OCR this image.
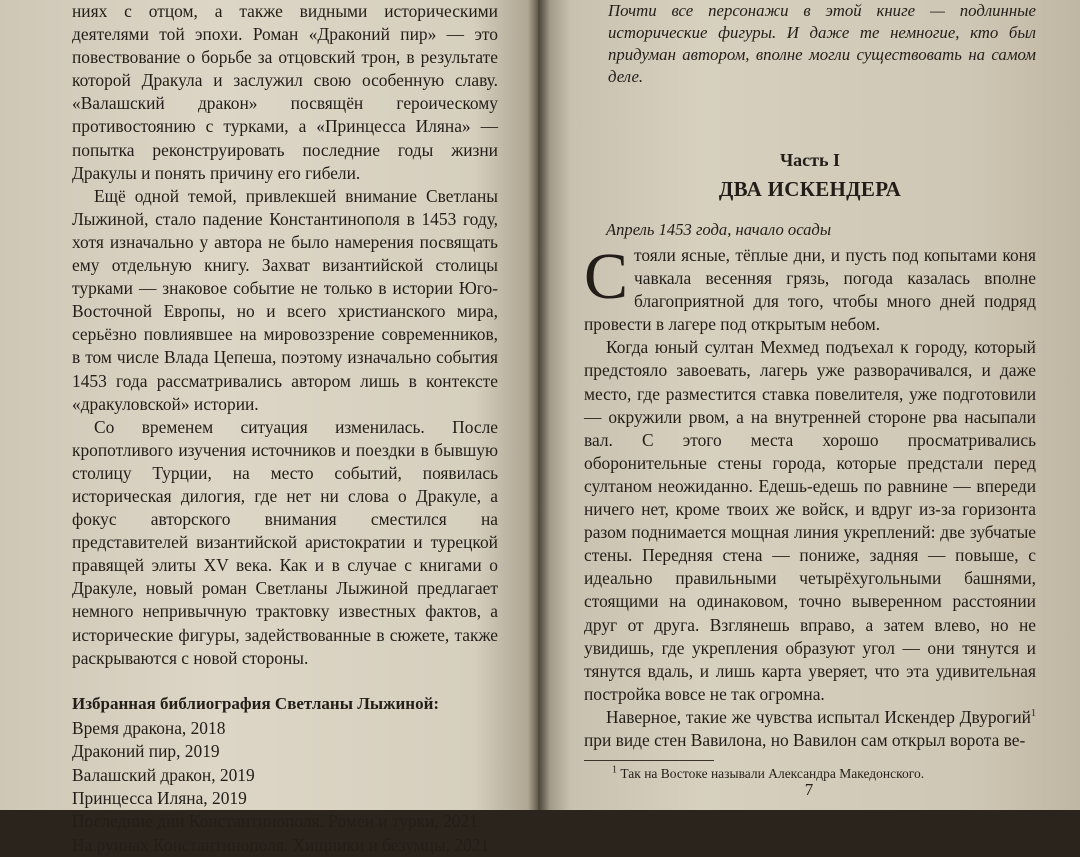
ниях с отцом, а также видными историческими деятелями той эпохи. Роман «Драконий пир» — это повествование о борьбе за отцовский трон, в результате которой Дракула и заслужил свою особенную славу. «Валашский дракон» посвящён героическому противостоянию с турками, а «Принцесса Иляна» — попытка реконструировать последние годы жизни Дракулы и понять причину его гибели.

Ещё одной темой, привлекшей внимание Светланы Лыжиной, стало падение Константинополя в 1453 году, хотя изначально у автора не было намерения посвящать ему отдельную книгу. Захват византийской столицы турками — знаковое событие не только в истории Юго-Восточной Европы, но и всего христианского мира, серьёзно повлиявшее на мировоззрение современников, в том числе Влада Цепеша, поэтому изначально события 1453 года рассматривались автором лишь в контексте «дракуловской» истории.

Со временем ситуация изменилась. После кропотливого изучения источников и поездки в бывшую столицу Турции, на место событий, появилась историческая дилогия, где нет ни слова о Дракуле, а фокус авторского внимания сместился на представителей византийской аристократии и турецкой правящей элиты XV века. Как и в случае с книгами о Дракуле, новый роман Светланы Лыжиной предлагает немного непривычную трактовку известных фактов, а исторические фигуры, задействованные в сюжете, также раскрываются с новой стороны.

Избранная библиография Светланы Лыжиной:

Время дракона, 2018
Драконий пир, 2019
Валашский дракон, 2019
Принцесса Иляна, 2019
Последние дни Константинополя. Ромеи и турки, 2021
На руинах Константинополя. Хищники и безумцы, 2021

Почти все персонажи в этой книге — подлинные исторические фигуры. И даже те немногие, кто был придуман автором, вполне могли существовать на самом деле.

Часть I

ДВА ИСКЕНДЕРА

Апрель 1453 года, начало осады

Стояли ясные, тёплые дни, и пусть под копытами коня чавкала весенняя грязь, погода казалась вполне благоприятной для того, чтобы много дней подряд провести в лагере под открытым небом.

Когда юный султан Мехмед подъехал к городу, который предстояло завоевать, лагерь уже разворачивался, и даже место, где разместится ставка повелителя, уже подготовили — окружили рвом, а на внутренней стороне рва насыпали вал. С этого места хорошо просматривались оборонительные стены города, которые предстали перед султаном неожиданно. Едешь-едешь по равнине — впереди ничего нет, кроме твоих же войск, и вдруг из-за горизонта разом поднимается мощная линия укреплений: две зубчатые стены. Передняя стена — пониже, задняя — повыше, с идеально правильными четырёхугольными башнями, стоящими на одинаковом, точно выверенном расстоянии друг от друга. Взглянешь вправо, а затем влево, но не увидишь, где укрепления образуют угол — они тянутся и тянутся вдаль, и лишь карта уверяет, что эта удивительная постройка вовсе не так огромна.

Наверное, такие же чувства испытал Искендер Двурогий$^1$ при виде стен Вавилона, но Вавилон сам открыл ворота ве-

$^1$ Так на Востоке называли Александра Македонского.

7
